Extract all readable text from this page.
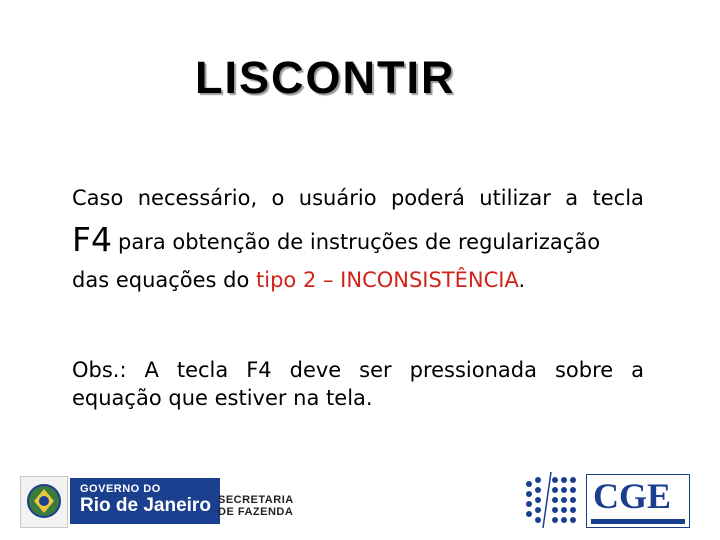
LISCONTIR
Caso necessário, o usuário poderá utilizar a tecla
F4 para obtenção de instruções de regularização
das equações do tipo 2 – INCONSISTÊNCIA.
Obs.: A tecla F4 deve ser pressionada sobre a
equação que estiver na tela.
GOVERNO DO
Rio de Janeiro SECRETARIA
DE FAZENDA	CGE
